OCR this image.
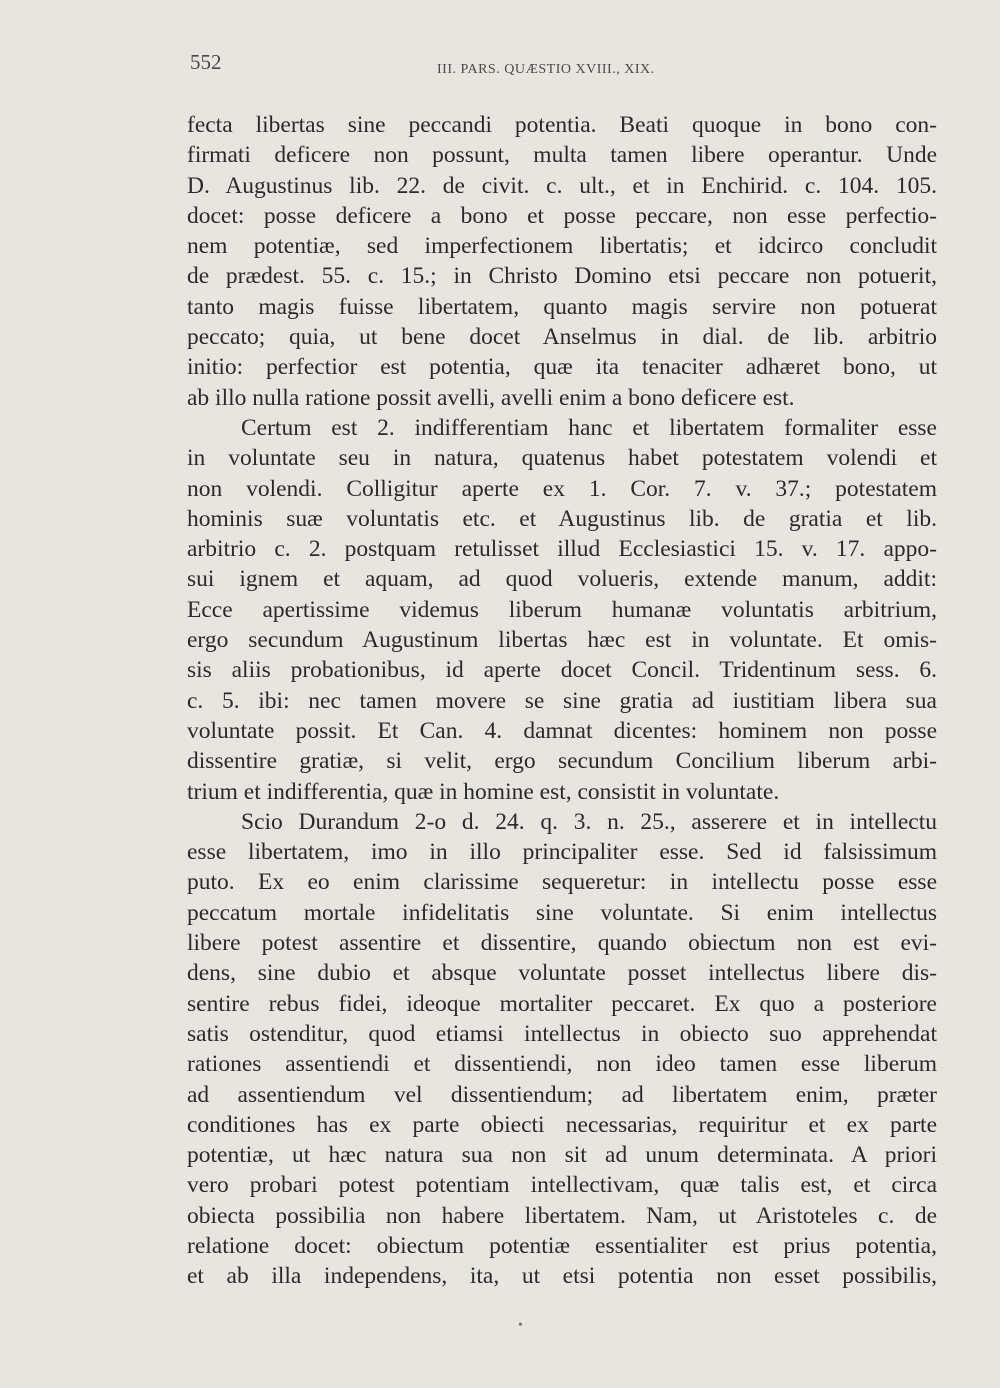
552	III. PARS. QUÆSTIO XVIII., XIX.
fecta libertas sine peccandi potentia. Beati quoque in bono con-
firmati deficere non possunt, multa tamen libere operantur. Unde
D. Augustinus lib. 22. de civit. c. ult., et in Enchirid. c. 104. 105.
docet: posse deficere a bono et posse peccare, non esse perfectio-
nem potentiæ, sed imperfectionem libertatis; et idcirco concludit
de prædest. 55. c. 15.; in Christo Domino etsi peccare non potuerit,
tanto magis fuisse libertatem, quanto magis servire non potuerat
peccato; quia, ut bene docet Anselmus in dial. de lib. arbitrio
initio: perfectior est potentia, quæ ita tenaciter adhæret bono, ut
ab illo nulla ratione possit avelli, avelli enim a bono deficere est.
Certum est 2. indifferentiam hanc et libertatem formaliter esse
in voluntate seu in natura, quatenus habet potestatem volendi et
non volendi. Colligitur aperte ex 1. Cor. 7. v. 37.; potestatem
hominis suæ voluntatis etc. et Augustinus lib. de gratia et lib.
arbitrio c. 2. postquam retulisset illud Ecclesiastici 15. v. 17. appo-
sui ignem et aquam, ad quod volueris, extende manum, addit:
Ecce apertissime videmus liberum humanæ voluntatis arbitrium,
ergo secundum Augustinum libertas hæc est in voluntate. Et omis-
sis aliis probationibus, id aperte docet Concil. Tridentinum sess. 6.
c. 5. ibi: nec tamen movere se sine gratia ad iustitiam libera sua
voluntate possit. Et Can. 4. damnat dicentes: hominem non posse
dissentire gratiæ, si velit, ergo secundum Concilium liberum arbi-
trium et indifferentia, quæ in homine est, consistit in voluntate.
Scio Durandum 2-o d. 24. q. 3. n. 25., asserere et in intellectu
esse libertatem, imo in illo principaliter esse. Sed id falsissimum
puto. Ex eo enim clarissime sequeretur: in intellectu posse esse
peccatum mortale infidelitatis sine voluntate. Si enim intellectus
libere potest assentire et dissentire, quando obiectum non est evi-
dens, sine dubio et absque voluntate posset intellectus libere dis-
sentire rebus fidei, ideoque mortaliter peccaret. Ex quo a posteriore
satis ostenditur, quod etiamsi intellectus in obiecto suo apprehendat
rationes assentiendi et dissentiendi, non ideo tamen esse liberum
ad assentiendum vel dissentiendum; ad libertatem enim, præter
conditiones has ex parte obiecti necessarias, requiritur et ex parte
potentiæ, ut hæc natura sua non sit ad unum determinata. A priori
vero probari potest potentiam intellectivam, quæ talis est, et circa
obiecta possibilia non habere libertatem. Nam, ut Aristoteles c. de
relatione docet: obiectum potentiæ essentialiter est prius potentia,
et ab illa independens, ita, ut etsi potentia non esset possibilis,
•
